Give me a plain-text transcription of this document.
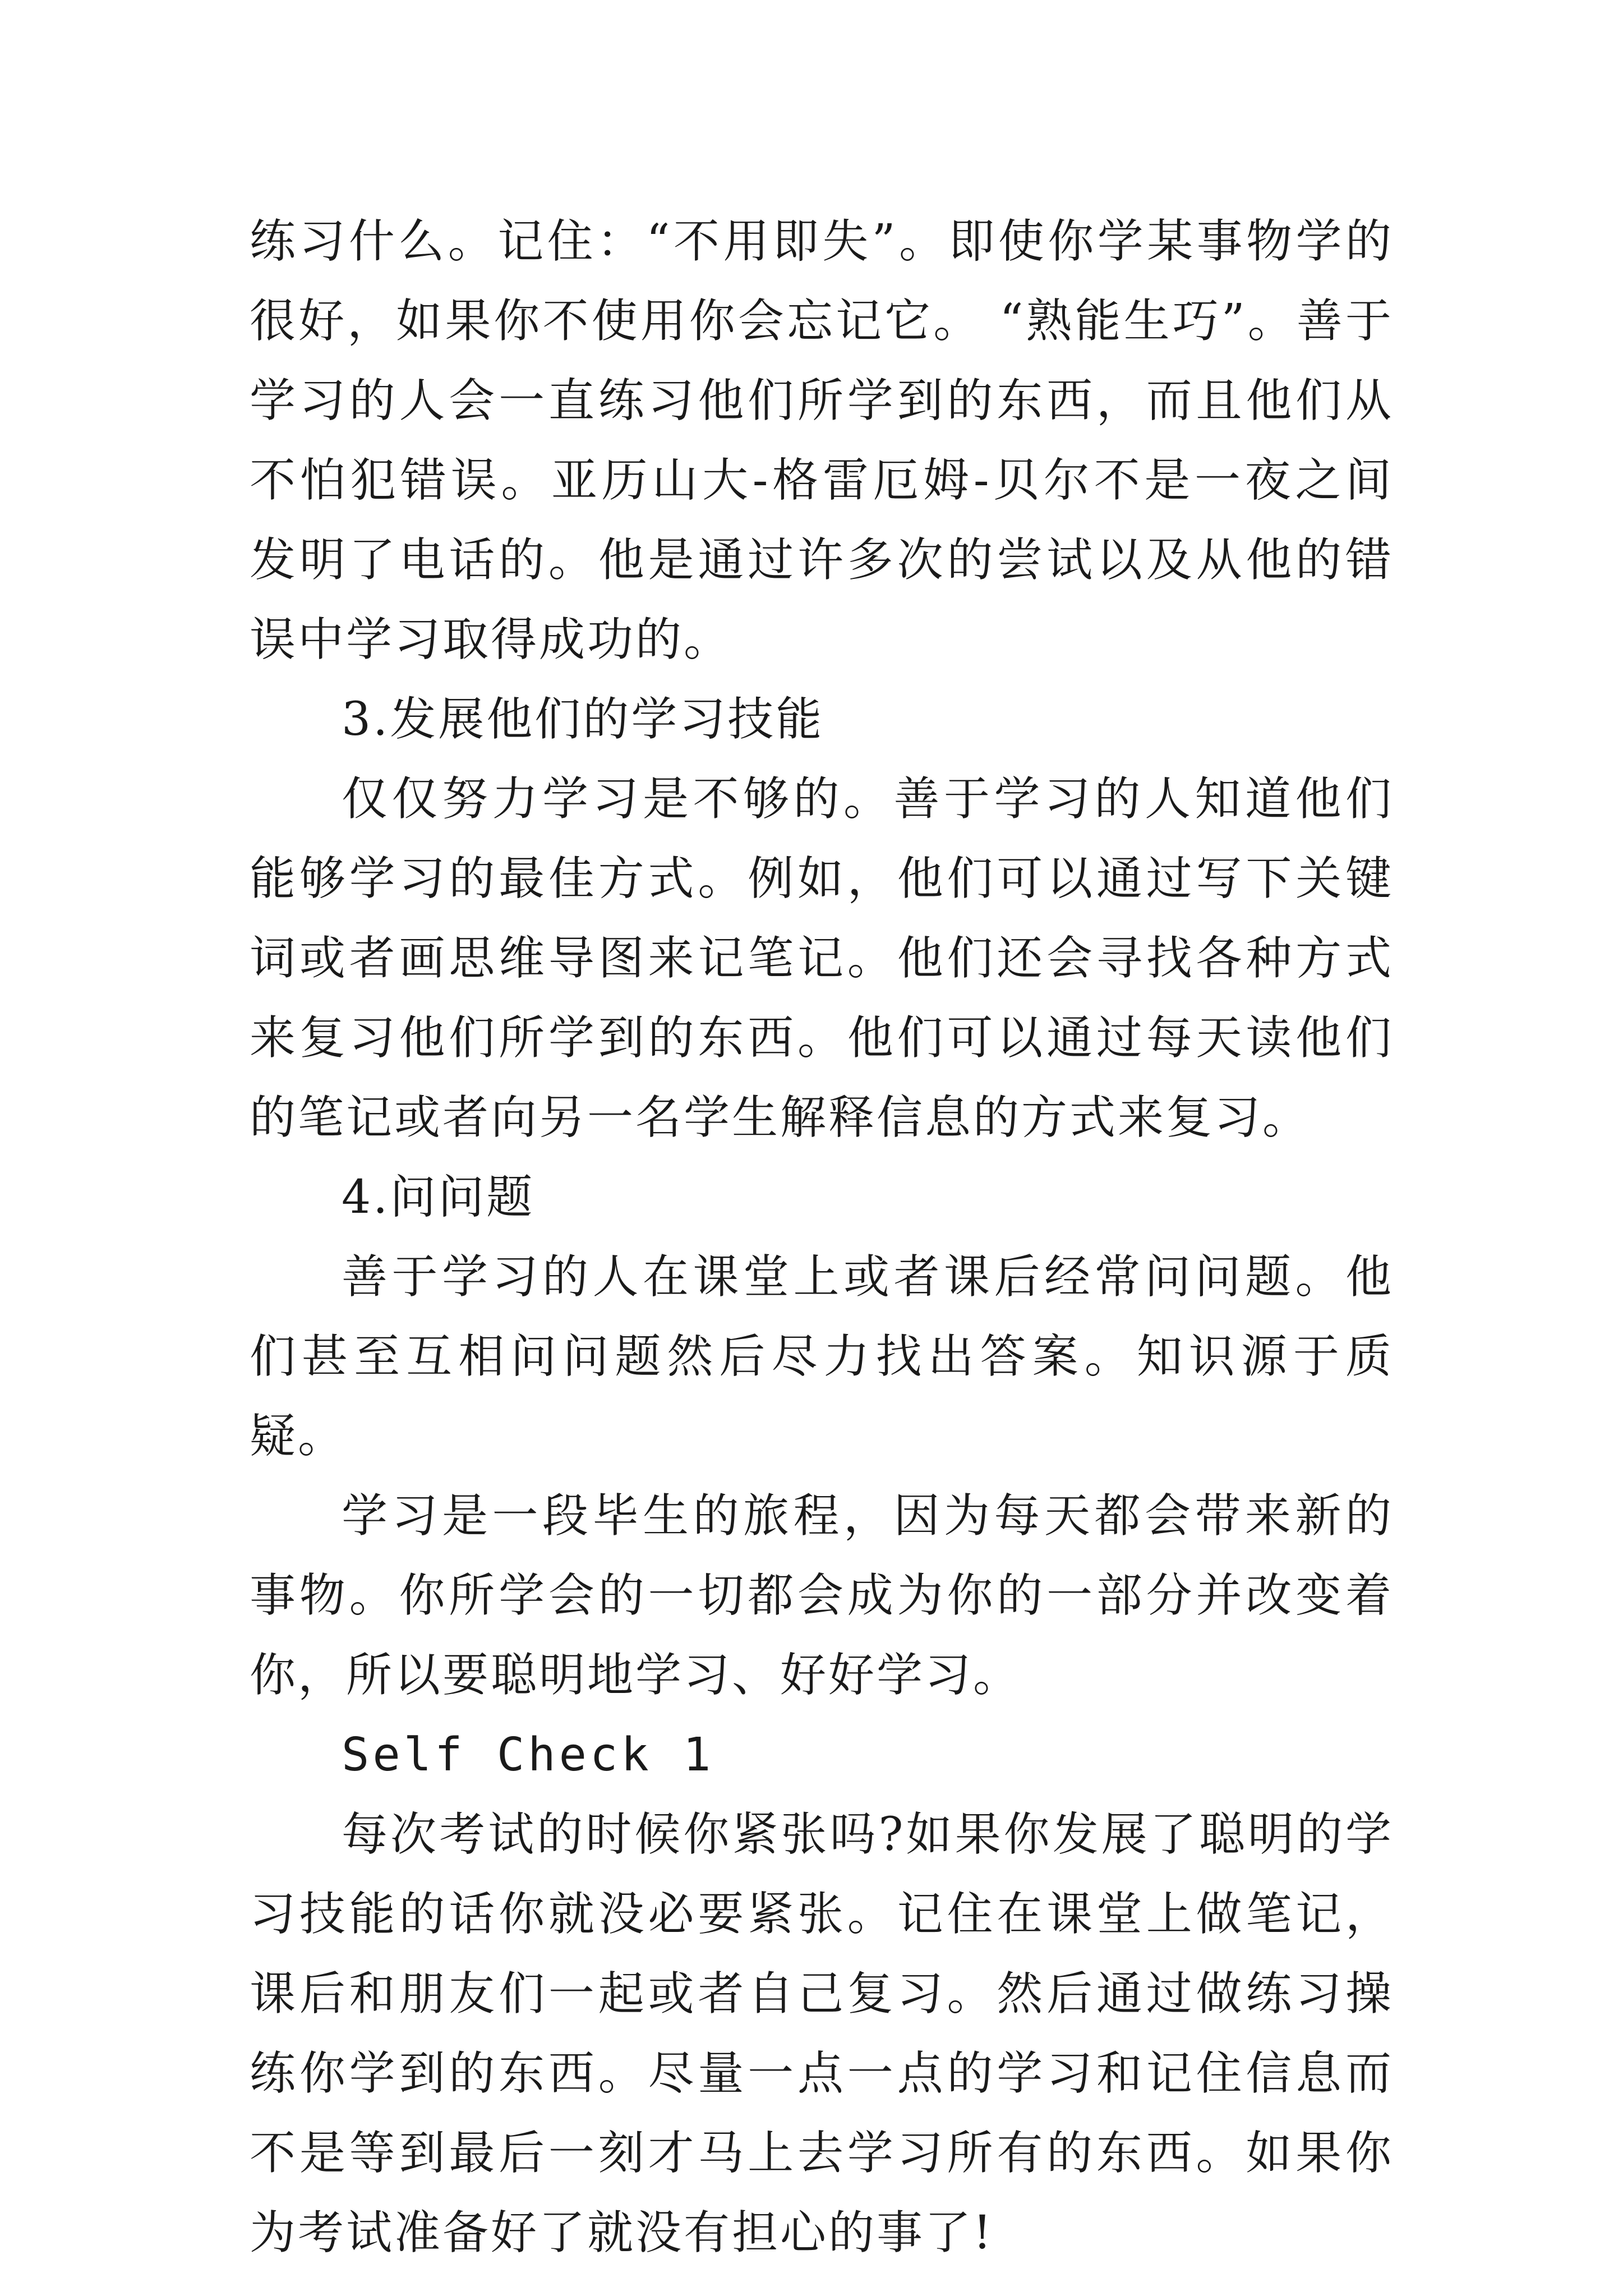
练习什么。记住：“不用即失”。即使你学某事物学的很好，如果你不使用你会忘记它。 “熟能生巧”。善于学习的人会一直练习他们所学到的东西，而且他们从不怕犯错误。亚历山大-格雷厄姆-贝尔不是一夜之间发明了电话的。他是通过许多次的尝试以及从他的错误中学习取得成功的。

3.发展他们的学习技能

仅仅努力学习是不够的。善于学习的人知道他们能够学习的最佳方式。例如，他们可以通过写下关键词或者画思维导图来记笔记。他们还会寻找各种方式来复习他们所学到的东西。他们可以通过每天读他们的笔记或者向另一名学生解释信息的方式来复习。

4.问问题

善于学习的人在课堂上或者课后经常问问题。他们甚至互相问问题然后尽力找出答案。知识源于质疑。

学习是一段毕生的旅程，因为每天都会带来新的事物。你所学会的一切都会成为你的一部分并改变着你，所以要聪明地学习、好好学习。

Self Check 1

每次考试的时候你紧张吗?如果你发展了聪明的学习技能的话你就没必要紧张。记住在课堂上做笔记，课后和朋友们一起或者自己复习。然后通过做练习操练你学到的东西。尽量一点一点的学习和记住信息而不是等到最后一刻才马上去学习所有的东西。如果你为考试准备好了就没有担心的事了!
